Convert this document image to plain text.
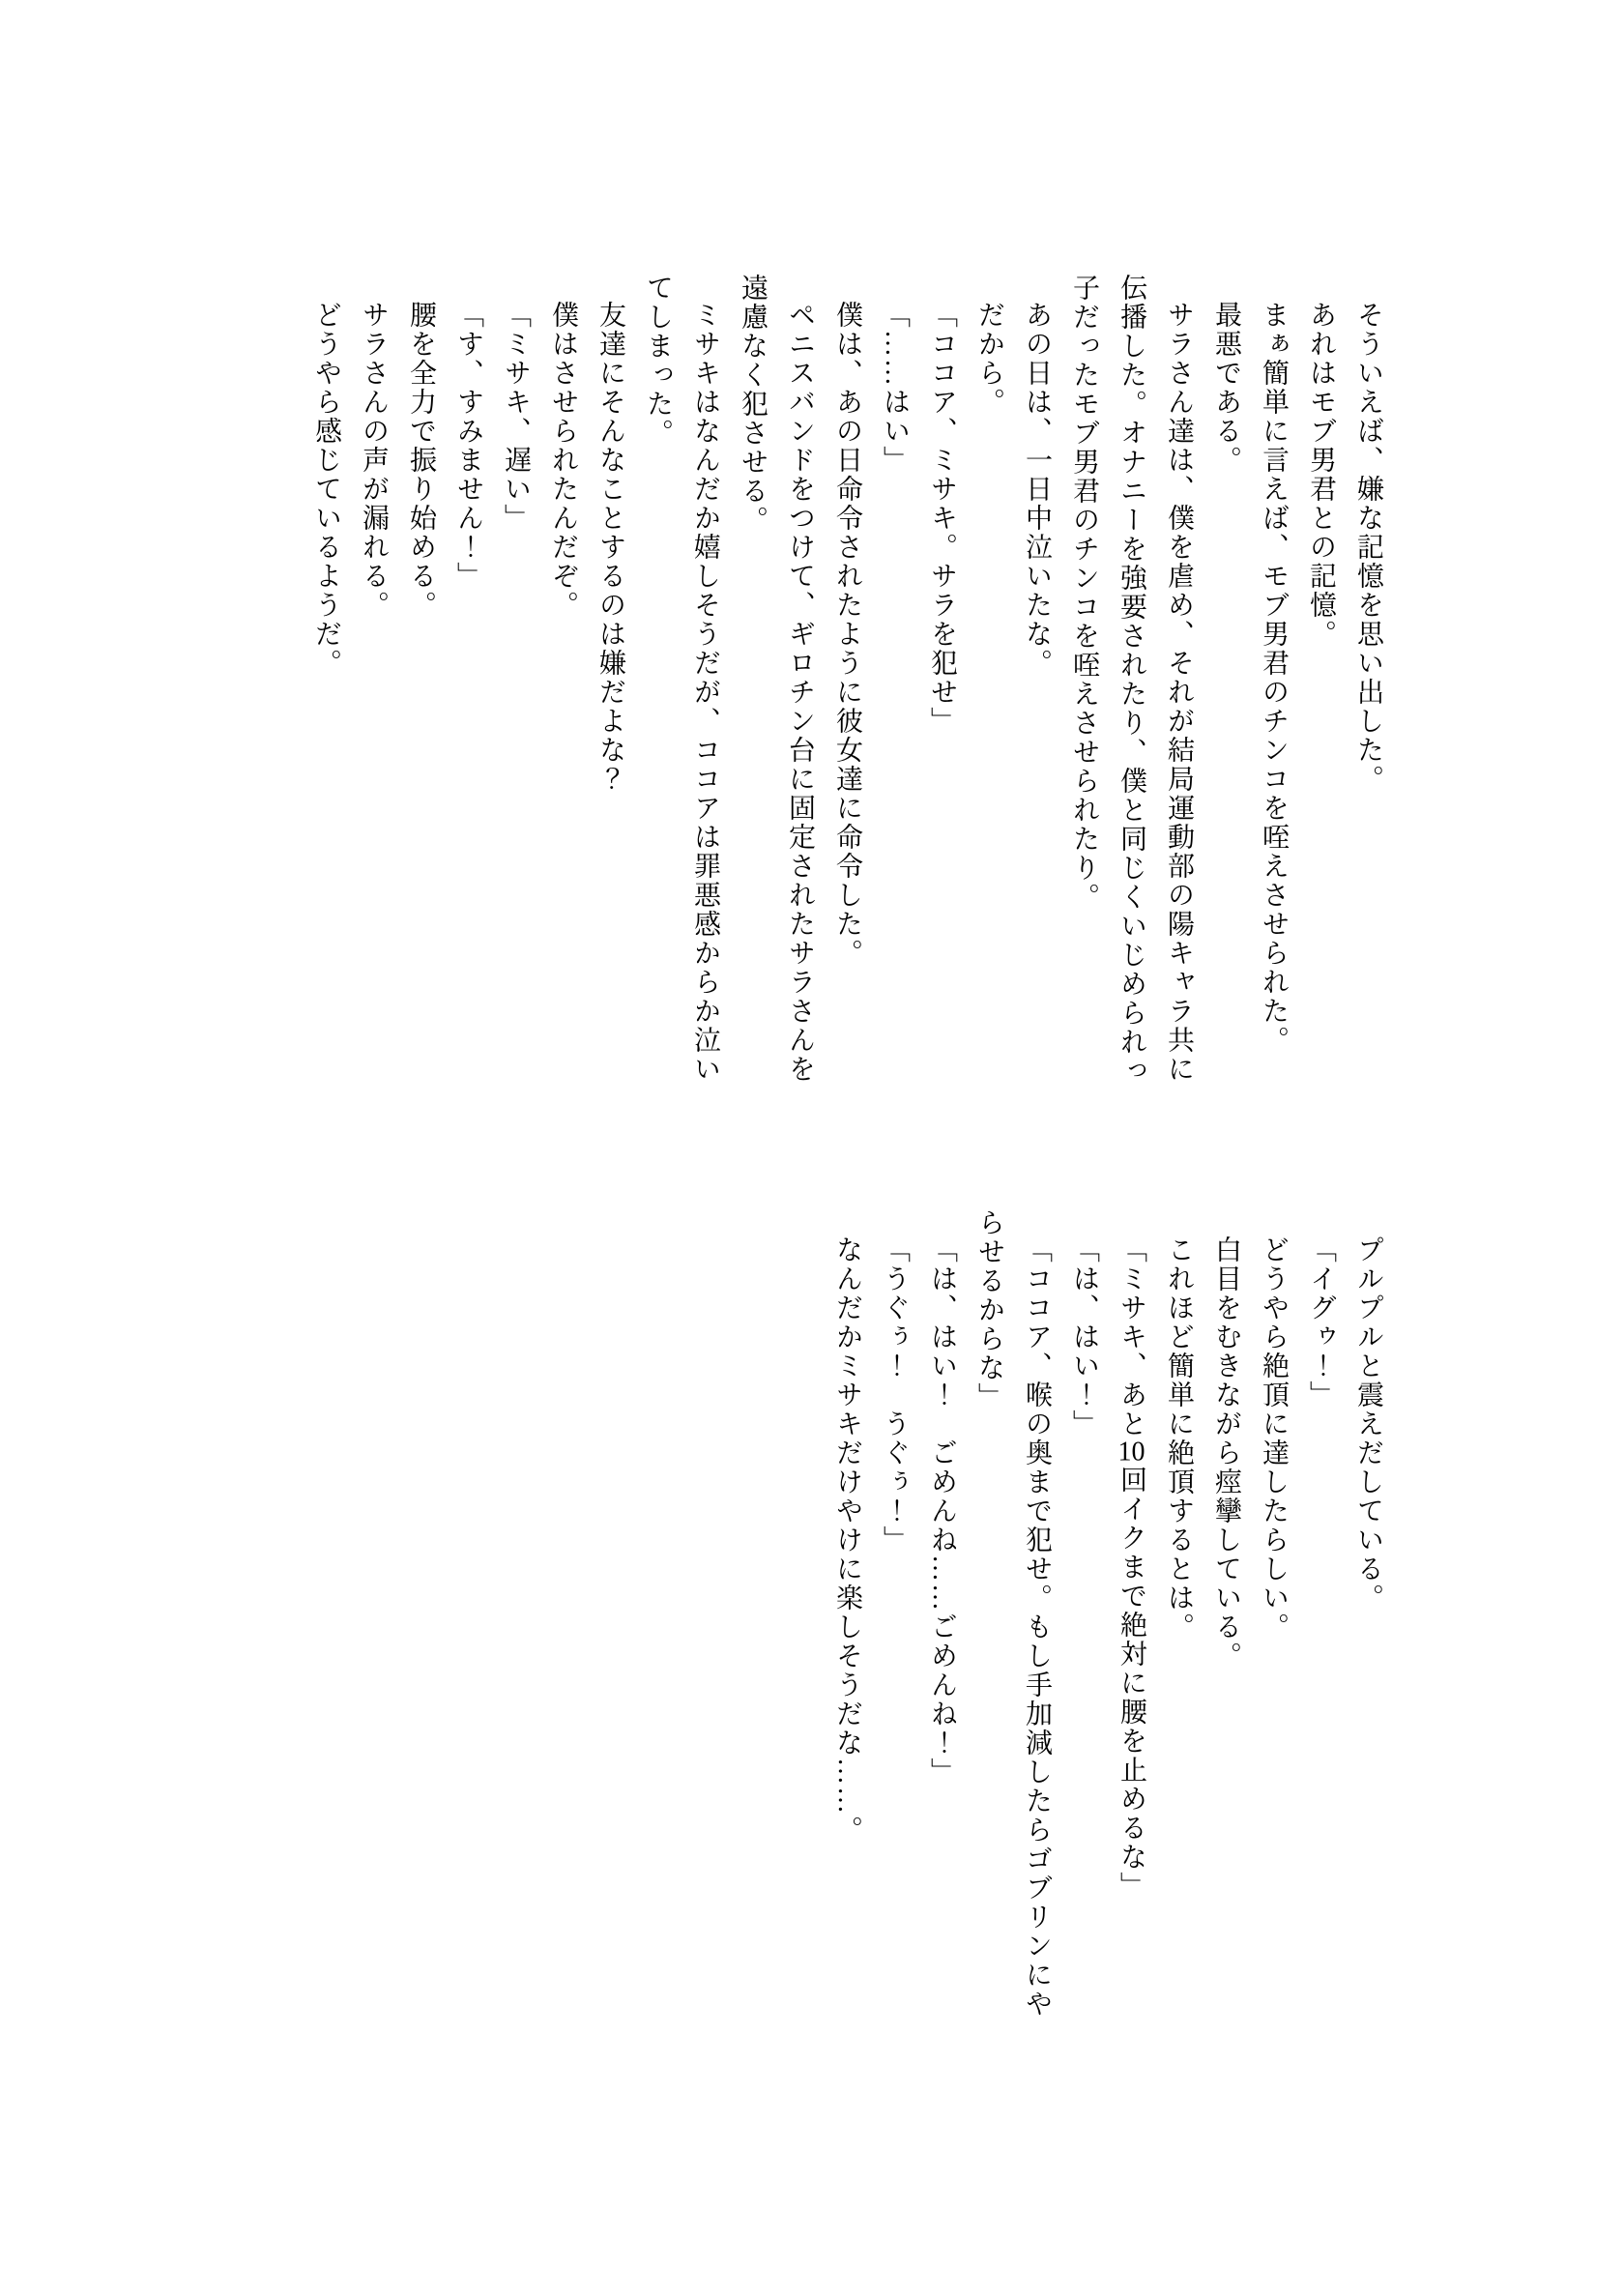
そういえば、嫌な記憶を思い出した。

あれはモブ男君との記憶。

まぁ簡単に言えば、モブ男君のチンコを咥えさせられた。

最悪である。

サラさん達は、僕を虐め、それが結局運動部の陽キャラ共に伝播した。オナニーを強要されたり、僕と同じくいじめられっ子だったモブ男君のチンコを咥えさせられたり。

あの日は、一日中泣いたな。

だから。

「ココア、ミサキ。サラを犯せ」

「……はい」

僕は、あの日命令されたように彼女達に命令した。

ペニスバンドをつけて、ギロチン台に固定されたサラさんを遠慮なく犯させる。

ミサキはなんだか嬉しそうだが、ココアは罪悪感からか泣いてしまった。

友達にそんなことするのは嫌だよな？

僕はさせられたんだぞ。

「ミサキ、遅い」

「す、すみません！」

腰を全力で振り始める。

サラさんの声が漏れる。

どうやら感じているようだ。

プルプルと震えだしている。

「イグゥ！」

どうやら絶頂に達したらしい。

白目をむきながら痙攣している。

これほど簡単に絶頂するとは。

「ミサキ、あと10回イクまで絶対に腰を止めるな」

「は、はい！」

「ココア、喉の奥まで犯せ。もし手加減したらゴブリンにやらせるからな」

「は、はい！　ごめんね……ごめんね！」

「うぐぅ！　うぐぅ！」

なんだかミサキだけやけに楽しそうだな……。
